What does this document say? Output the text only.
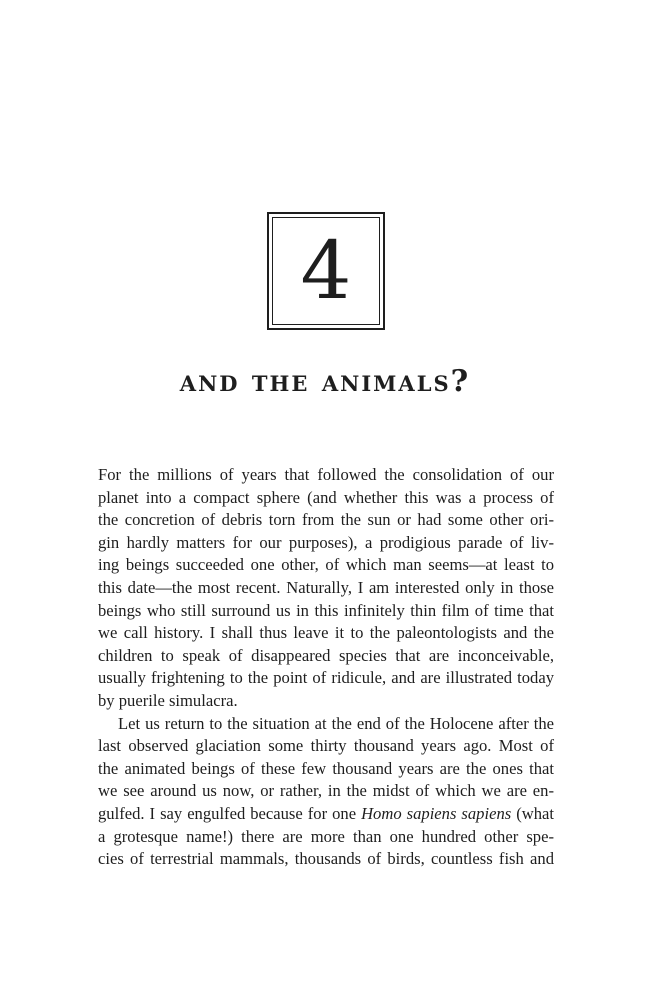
4
and the animals?
For the millions of years that followed the consolidation of our
planet into a compact sphere (and whether this was a process of
the concretion of debris torn from the sun or had some other ori-
gin hardly matters for our purposes), a prodigious parade of liv-
ing beings succeeded one other, of which man seems—at least to
this date—the most recent. Naturally, I am interested only in those
beings who still surround us in this infinitely thin film of time that
we call history. I shall thus leave it to the paleontologists and the
children to speak of disappeared species that are inconceivable,
usually frightening to the point of ridicule, and are illustrated today
by puerile simulacra.
Let us return to the situation at the end of the Holocene after the
last observed glaciation some thirty thousand years ago. Most of
the animated beings of these few thousand years are the ones that
we see around us now, or rather, in the midst of which we are en-
gulfed. I say engulfed because for one Homo sapiens sapiens (what
a grotesque name!) there are more than one hundred other spe-
cies of terrestrial mammals, thousands of birds, countless fish and
